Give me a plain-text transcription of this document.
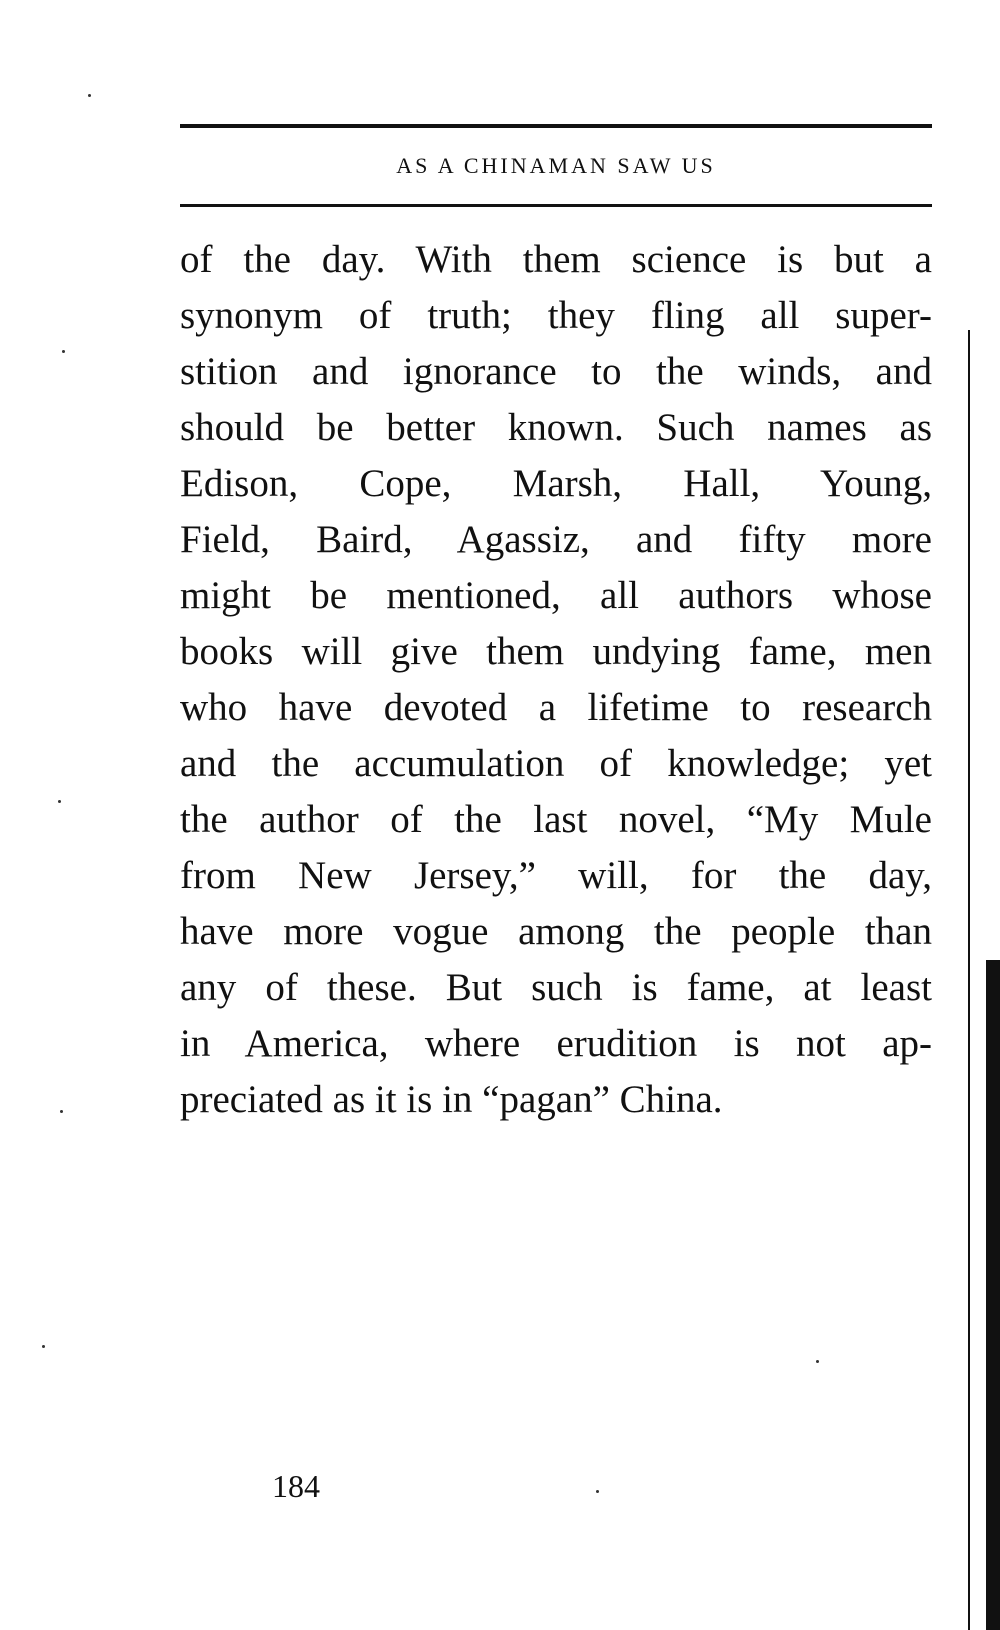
AS A CHINAMAN SAW US
of the day. With them science is but a
synonym of truth; they fling all super-
stition and ignorance to the winds, and
should be better known. Such names as
Edison, Cope, Marsh, Hall, Young,
Field, Baird, Agassiz, and fifty more
might be mentioned, all authors whose
books will give them undying fame, men
who have devoted a lifetime to research
and the accumulation of knowledge; yet
the author of the last novel, “My Mule
from New Jersey,” will, for the day,
have more vogue among the people than
any of these. But such is fame, at least
in America, where erudition is not ap-
preciated as it is in “pagan” China.
184
